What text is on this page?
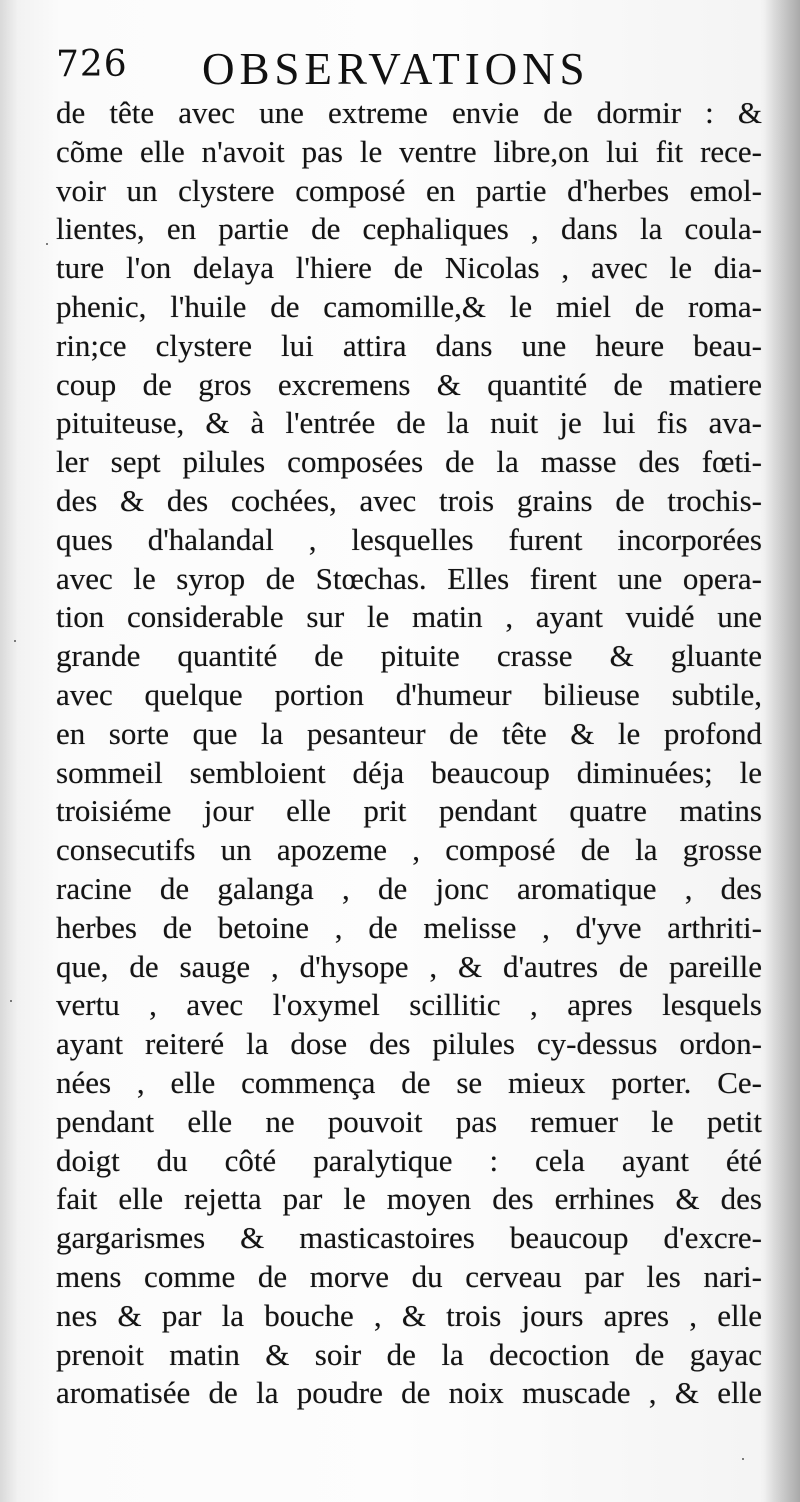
726 OBSERVATIONS
de tête avec une extreme envie de dormir : &
cõme elle n'avoit pas le ventre libre,on lui fit rece-
voir un clystere composé en partie d'herbes emol-
lientes, en partie de cephaliques , dans la coula-
ture l'on delaya l'hiere de Nicolas , avec le dia-
phenic, l'huile de camomille,& le miel de roma-
rin;ce clystere lui attira dans une heure beau-
coup de gros excremens & quantité de matiere
pituiteuse, & à l'entrée de la nuit je lui fis ava-
ler sept pilules composées de la masse des fœti-
des & des cochées, avec trois grains de trochis-
ques d'halandal , lesquelles furent incorporées
avec le syrop de Stœchas. Elles firent une opera-
tion considerable sur le matin , ayant vuidé une
grande quantité de pituite crasse & gluante
avec quelque portion d'humeur bilieuse subtile,
en sorte que la pesanteur de tête & le profond
sommeil sembloient déja beaucoup diminuées; le
troisiéme jour elle prit pendant quatre matins
consecutifs un apozeme , composé de la grosse
racine de galanga , de jonc aromatique , des
herbes de betoine , de melisse , d'yve arthriti-
que, de sauge , d'hysope , & d'autres de pareille
vertu , avec l'oxymel scillitic , apres lesquels
ayant reiteré la dose des pilules cy-dessus ordon-
nées , elle commença de se mieux porter. Ce-
pendant elle ne pouvoit pas remuer le petit
doigt du côté paralytique : cela ayant été
fait elle rejetta par le moyen des errhines & des
gargarismes & masticastoires beaucoup d'excre-
mens comme de morve du cerveau par les nari-
nes & par la bouche , & trois jours apres , elle
prenoit matin & soir de la decoction de gayac
aromatisée de la poudre de noix muscade , & elle
